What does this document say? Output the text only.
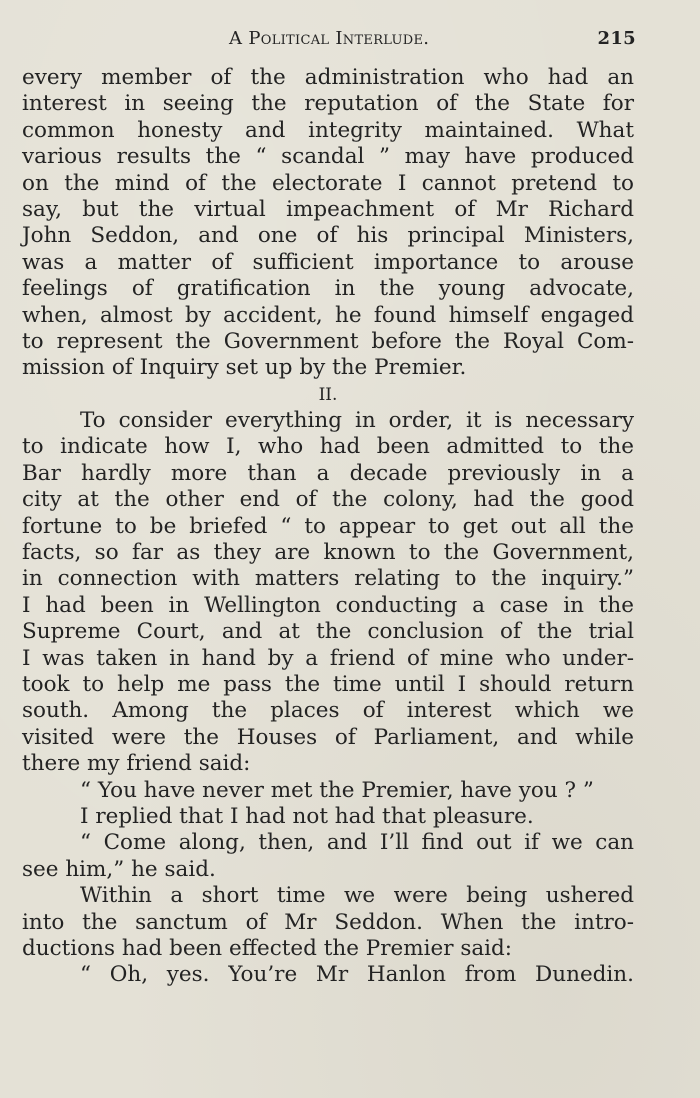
A Political Interlude.	215
every member of the administration who had an
interest in seeing the reputation of the State for
common honesty and integrity maintained. What
various results the “ scandal ” may have produced
on the mind of the electorate I cannot pretend to
say, but the virtual impeachment of Mr Richard
John Seddon, and one of his principal Ministers,
was a matter of sufficient importance to arouse
feelings of gratification in the young advocate,
when, almost by accident, he found himself engaged
to represent the Government before the Royal Com-
mission of Inquiry set up by the Premier.
II.
To consider everything in order, it is necessary
to indicate how I, who had been admitted to the
Bar hardly more than a decade previously in a
city at the other end of the colony, had the good
fortune to be briefed “ to appear to get out all the
facts, so far as they are known to the Government,
in connection with matters relating to the inquiry.”
I had been in Wellington conducting a case in the
Supreme Court, and at the conclusion of the trial
I was taken in hand by a friend of mine who under-
took to help me pass the time until I should return
south. Among the places of interest which we
visited were the Houses of Parliament, and while
there my friend said:
“ You have never met the Premier, have you ? ”
I replied that I had not had that pleasure.
“ Come along, then, and I’ll find out if we can
see him,” he said.
Within a short time we were being ushered
into the sanctum of Mr Seddon. When the intro-
ductions had been effected the Premier said:
“ Oh, yes. You’re Mr Hanlon from Dunedin.
